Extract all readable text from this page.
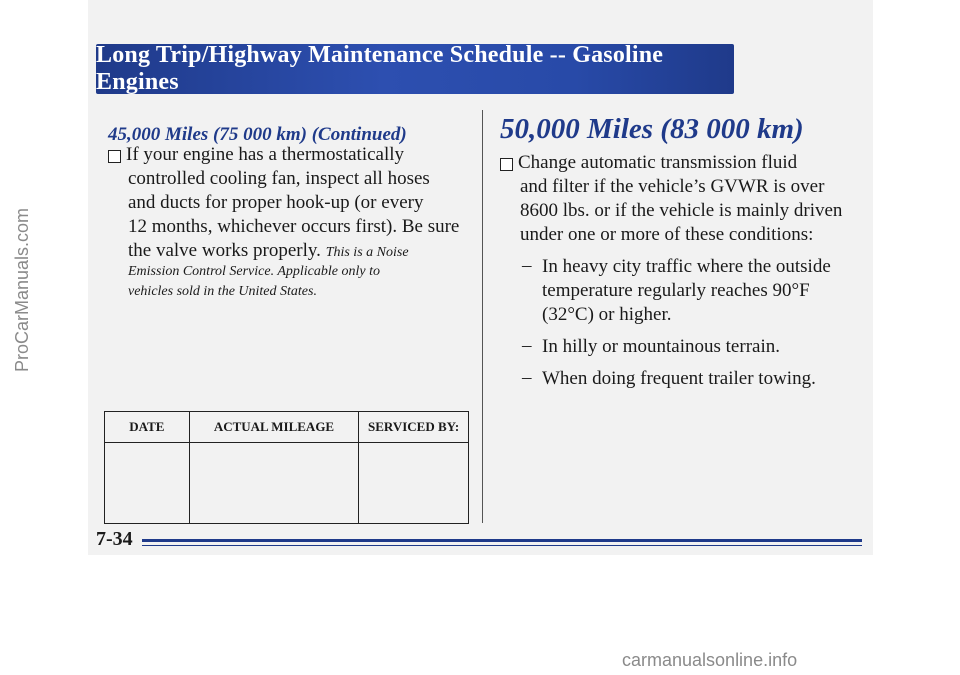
ProCarManuals.com
Long Trip/Highway Maintenance Schedule -- Gasoline Engines
45,000 Miles (75 000 km) (Continued)
If your engine has a thermostatically
controlled cooling fan, inspect all hoses
and ducts for proper hook-up (or every
12 months, whichever occurs first). Be sure
the valve works properly. This is a Noise
Emission Control Service. Applicable only to
vehicles sold in the United States.
DATE	ACTUAL MILEAGE	SERVICED BY:

50,000 Miles (83 000 km)
Change automatic transmission fluid
and filter if the vehicle’s GVWR is over
8600 lbs. or if the vehicle is mainly driven
under one or more of these conditions:
– In heavy city traffic where the outside
temperature regularly reaches 90°F
(32°C) or higher.
– In hilly or mountainous terrain.
– When doing frequent trailer towing.
7-34
carmanualsonline.info
